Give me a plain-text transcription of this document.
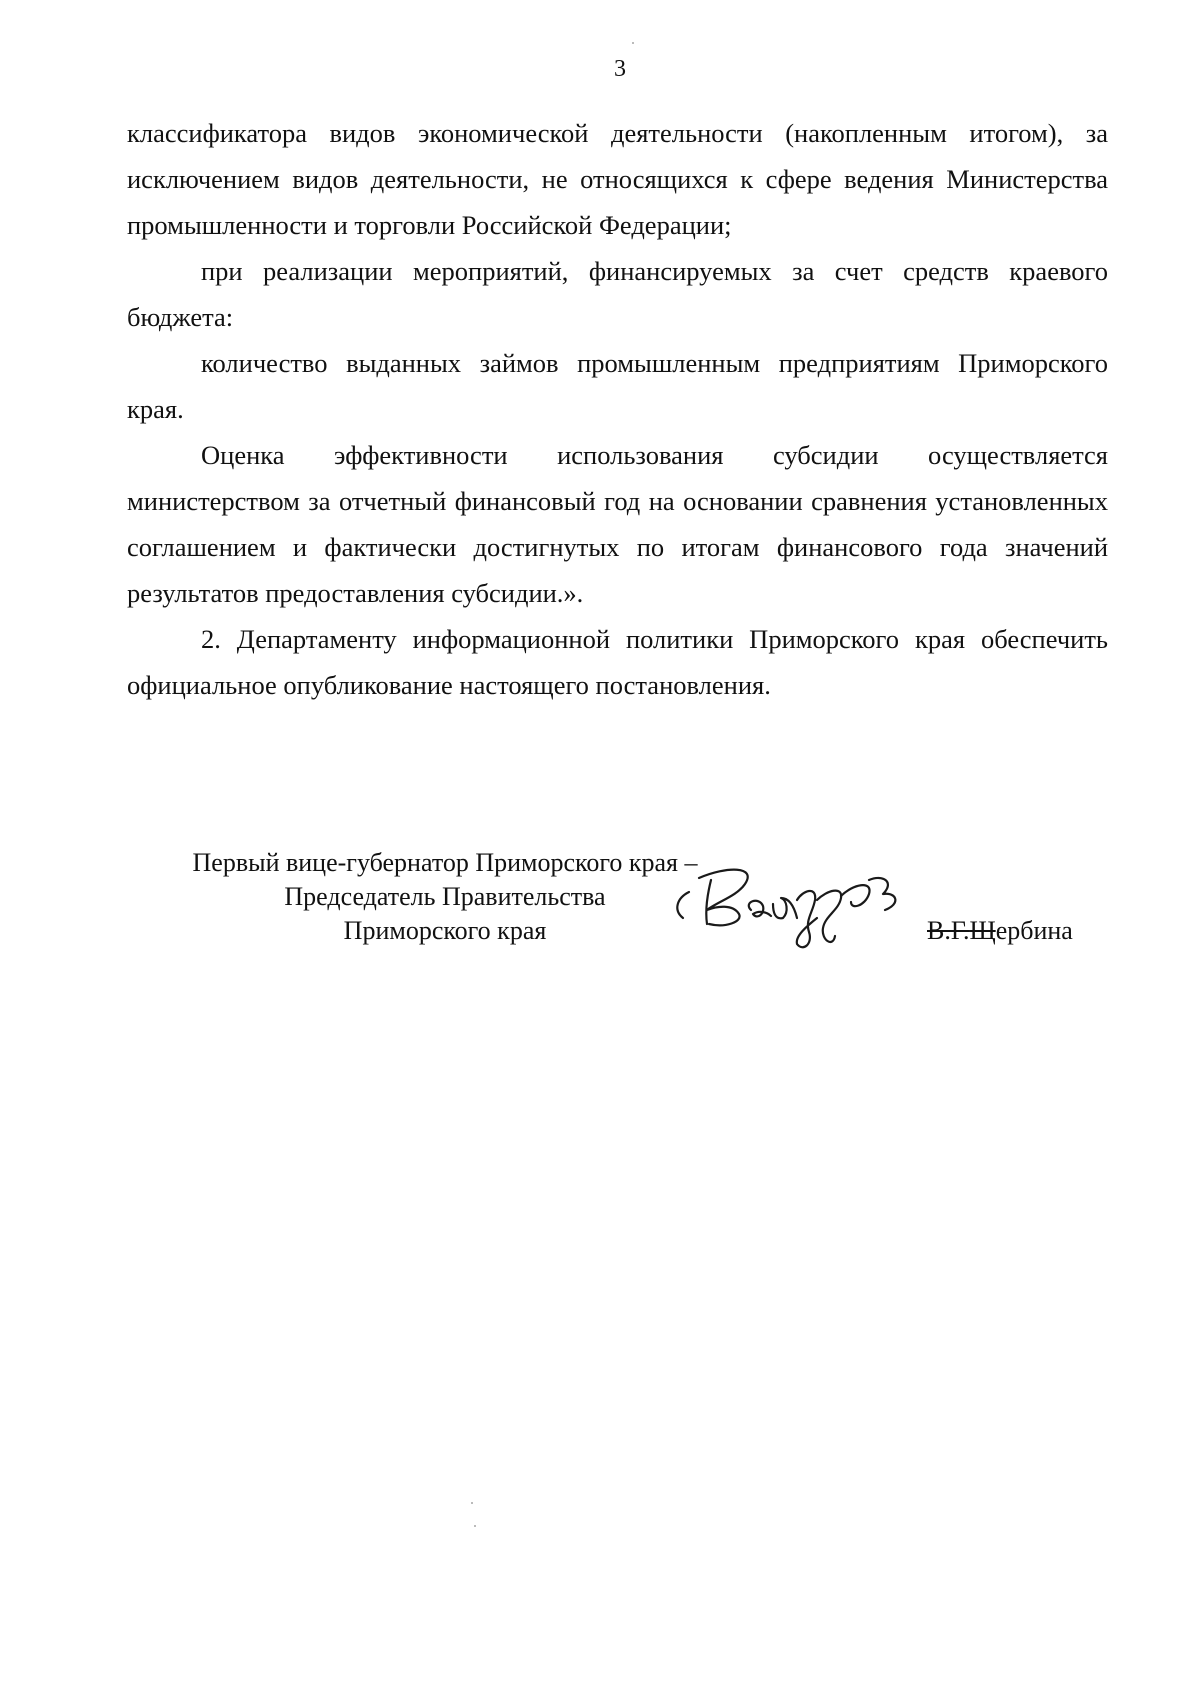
3

классификатора видов экономической деятельности (накопленным итогом), за исключением видов деятельности, не относящихся к сфере ведения Министерства промышленности и торговли Российской Федерации;

при реализации мероприятий, финансируемых за счет средств краевого бюджета:

количество выданных займов промышленным предприятиям Приморского края.

Оценка эффективности использования субсидии осуществляется министерством за отчетный финансовый год на основании сравнения установленных соглашением и фактически достигнутых по итогам финансового года значений результатов предоставления субсидии.».

2. Департаменту информационной политики Приморского края обеспечить официальное опубликование настоящего постановления.

Первый вице-губернатор Приморского края –
Председатель Правительства
Приморского края	В.Г.Щербина
